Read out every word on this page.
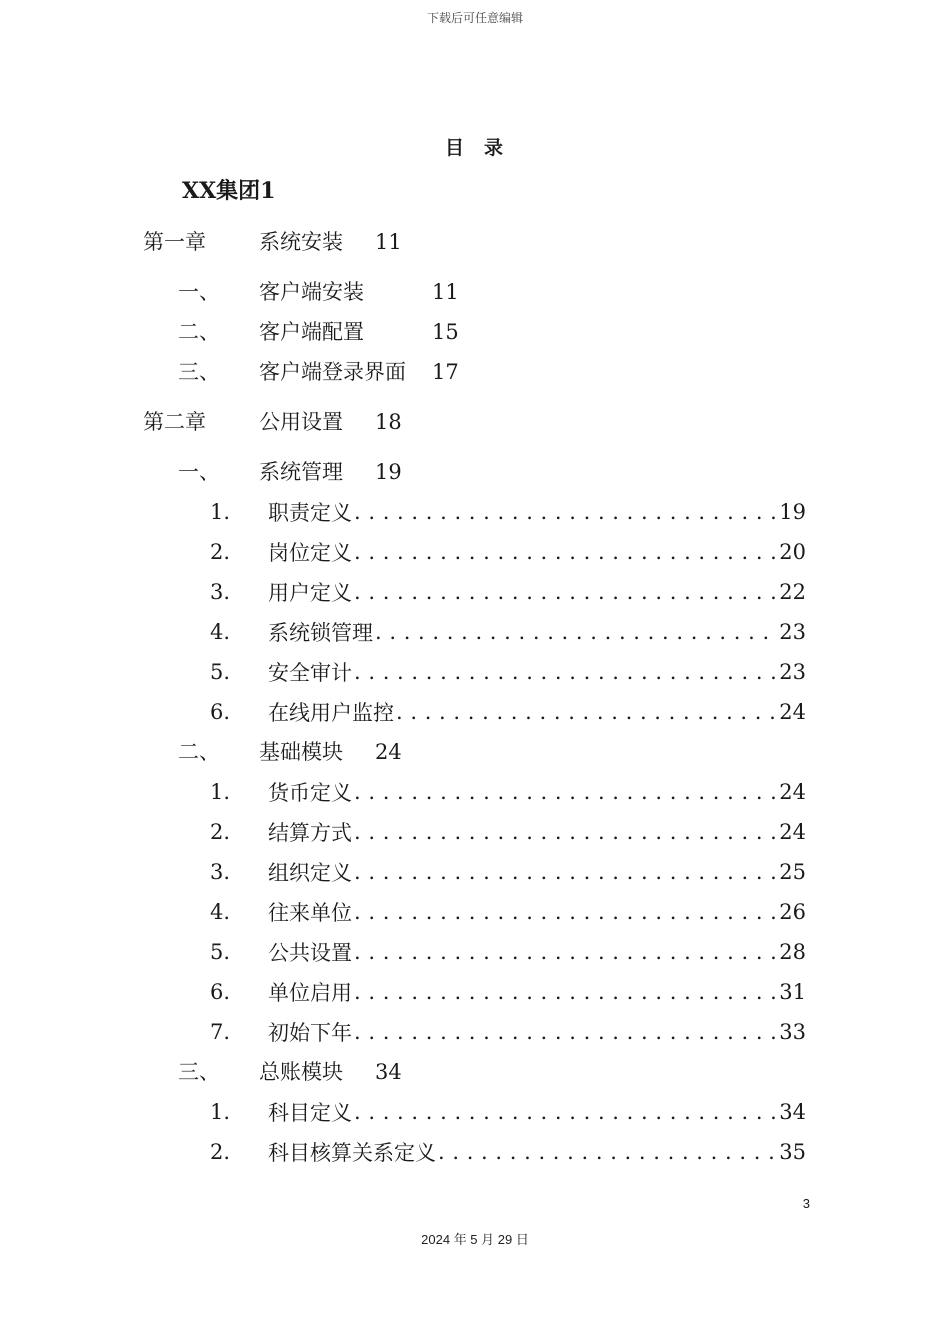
下载后可任意编辑
目 录
XX集团1
第一章	系统安装 11
一、 客户端安装	11
二、 客户端配置	15
三、 客户端登录界面 17
第二章	公用设置 18
一、 系统管理 19
1.	职责定义 . . .	19
2.	岗位定义 . . .	20
3.	用户定义 . . .	22
4.	系统锁管理 . . .	23
5.	安全审计 . . .	23
6.	在线用户监控 . . .	24
二、 基础模块 24
1.	货币定义 . . .	24
2.	结算方式 . . .	24
3.	组织定义 . . .	25
4.	往来单位 . . .	26
5.	公共设置 . . .	28
6.	单位启用 . . .	31
7.	初始下年 . . .	33
三、 总账模块 34
1.	科目定义 . . .	34
2.	科目核算关系定义 . . .	35
3
2024 年 5 月 29 日
